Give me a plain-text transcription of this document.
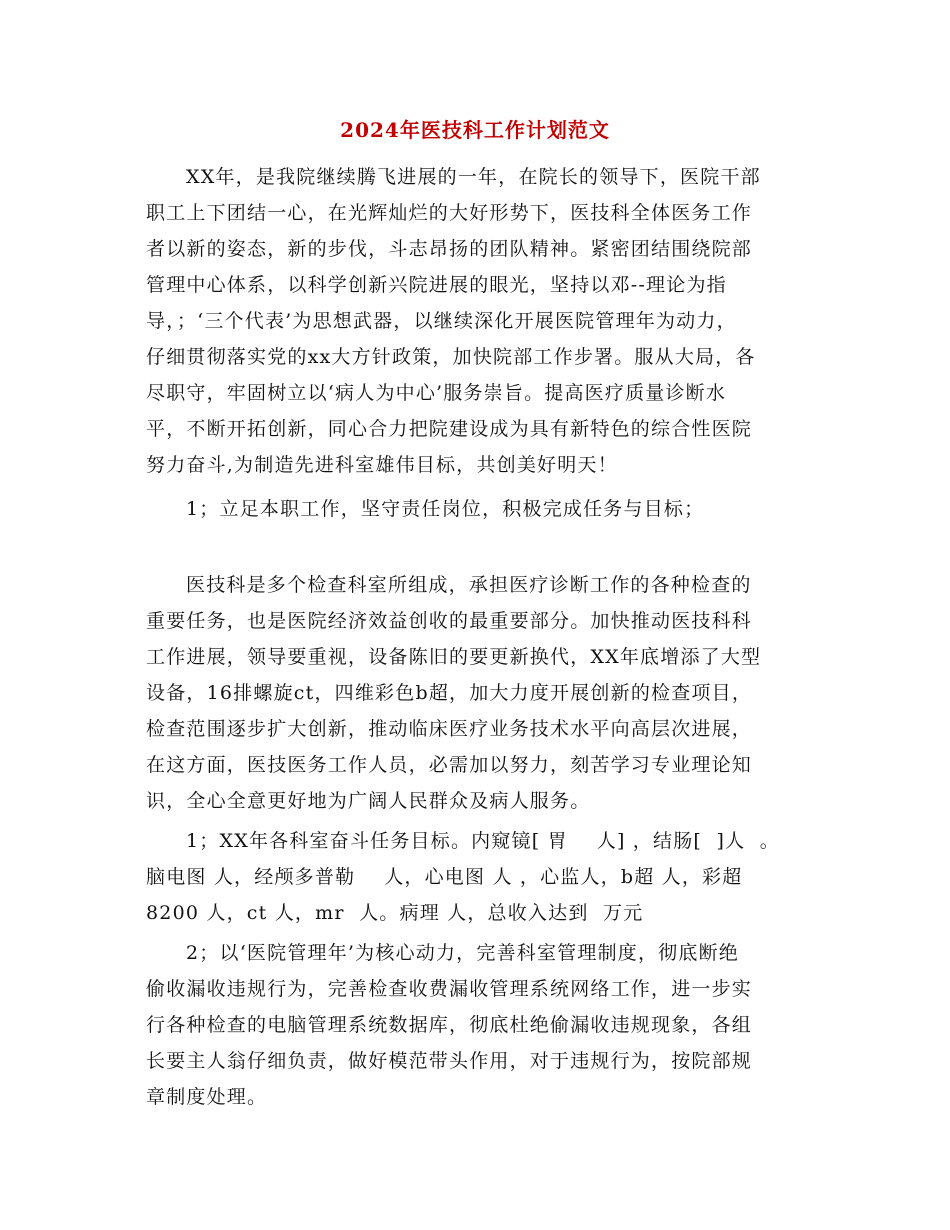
2024年医技科工作计划范文
XX年，是我院继续腾飞进展的一年，在院长的领导下，医院干部
职工上下团结一心，在光辉灿烂的大好形势下，医技科全体医务工作
者以新的姿态，新的步伐，斗志昂扬的团队精神。紧密团结围绕院部
管理中心体系，以科学创新兴院进展的眼光，坚持以邓--理论为指
导，；‘三个代表’为思想武器，以继续深化开展医院管理年为动力，
仔细贯彻落实党的xx大方针政策，加快院部工作步署。服从大局，各
尽职守，牢固树立以‘病人为中心’服务崇旨。提高医疗质量诊断水
平，不断开拓创新，同心合力把院建设成为具有新特色的综合性医院
努力奋斗,为制造先进科室雄伟目标，共创美好明天！
1；立足本职工作，坚守责任岗位，积极完成任务与目标；
医技科是多个检查科室所组成，承担医疗诊断工作的各种检查的
重要任务，也是医院经济效益创收的最重要部分。加快推动医技科科
工作进展，领导要重视，设备陈旧的要更新换代，XX年底增添了大型
设备，16排螺旋ct，四维彩色b超，加大力度开展创新的检查项目，
检查范围逐步扩大创新，推动临床医疗业务技术水平向高层次进展，
在这方面，医技医务工作人员，必需加以努力，刻苦学习专业理论知
识，全心全意更好地为广阔人民群众及病人服务。
1；XX年各科室奋斗任务目标。内窥镜[ 胃    人] ，结肠[  ]人  。
脑电图 人，经颅多普勒    人，心电图 人 ，心监人，b超 人，彩超
8200 人，ct 人，mr  人。病理 人，总收入达到  万元
2；以‘医院管理年’为核心动力，完善科室管理制度，彻底断绝
偷收漏收违规行为，完善检查收费漏收管理系统网络工作，进一步实
行各种检查的电脑管理系统数据库，彻底杜绝偷漏收违规现象，各组
长要主人翁仔细负责，做好模范带头作用，对于违规行为，按院部规
章制度处理。
